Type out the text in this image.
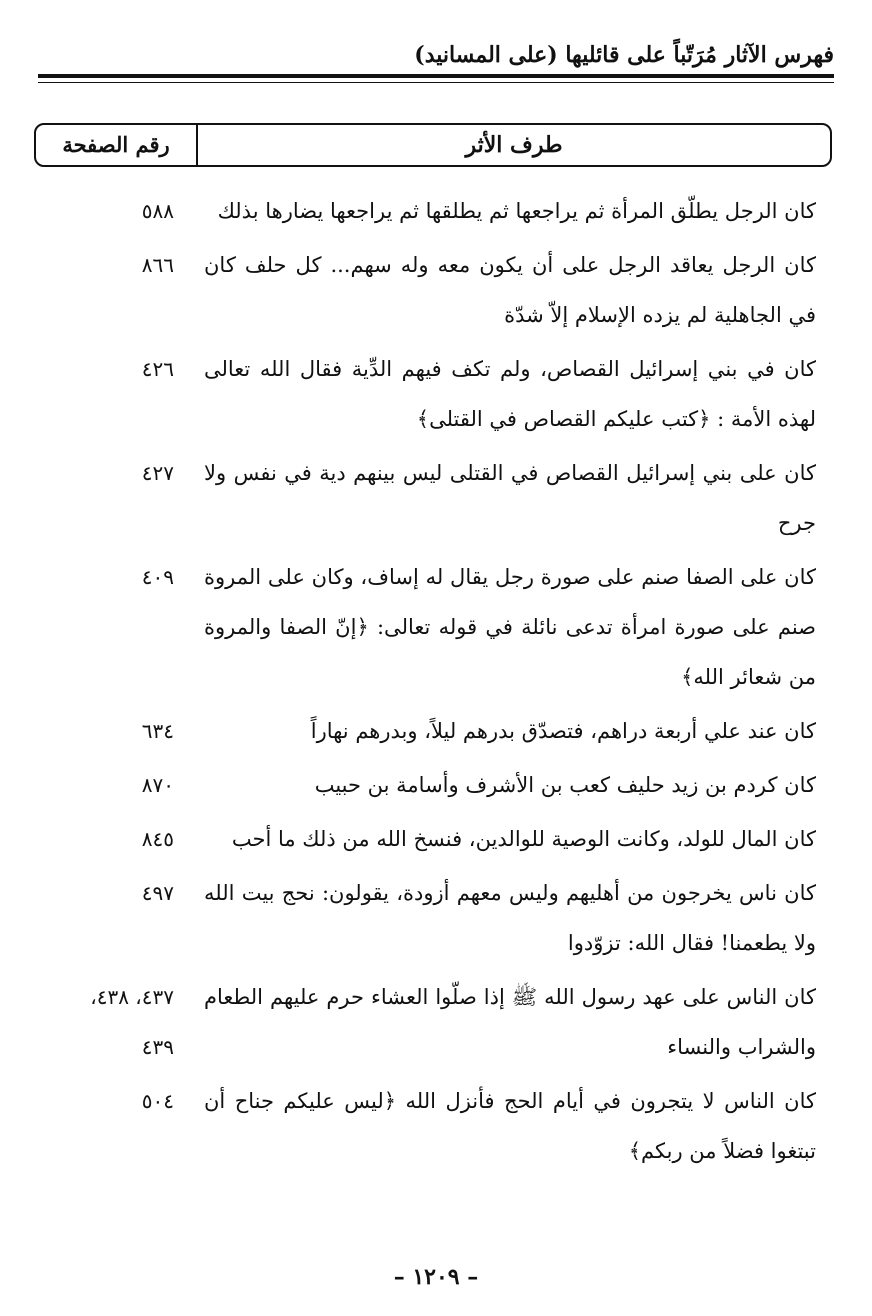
فهرس الآثار مُرَتّباً على قائليها (على المسانيد)
طرف الأثر
رقم الصفحة
كان الرجل يطلّق المرأة ثم يراجعها ثم يطلقها ثم يراجعها يضارها بذلك
٥٨٨
كان الرجل يعاقد الرجل على أن يكون معه وله سهم... كل حلف كان في الجاهلية لم يزده الإسلام إلاّ شدّة
٨٦٦
كان في بني إسرائيل القصاص، ولم تكف فيهم الدِّية فقال الله تعالى لهذه الأمة : ﴿كتب عليكم القصاص في القتلى﴾
٤٢٦
كان على بني إسرائيل القصاص في القتلى ليس بينهم دية في نفس ولا جرح
٤٢٧
كان على الصفا صنم على صورة رجل يقال له إساف، وكان على المروة صنم على صورة امرأة تدعى نائلة في قوله تعالى: ﴿إنّ الصفا والمروة من شعائر الله﴾
٤٠٩
كان عند علي أربعة دراهم، فتصدّق بدرهم ليلاً، وبدرهم نهاراً
٦٣٤
كان كردم بن زيد حليف كعب بن الأشرف وأسامة بن حبيب
٨٧٠
كان المال للولد، وكانت الوصية للوالدين، فنسخ الله من ذلك ما أحب
٨٤٥
كان ناس يخرجون من أهليهم وليس معهم أزودة، يقولون: نحج بيت الله ولا يطعمنا! فقال الله: تزوّدوا
٤٩٧
كان الناس على عهد رسول الله ﷺ إذا صلّوا العشاء حرم عليهم الطعام والشراب والنساء
٤٣٧، ٤٣٨،
٤٣٩
كان الناس لا يتجرون في أيام الحج فأنزل الله ﴿ليس عليكم جناح أن تبتغوا فضلاً من ربكم﴾
٥٠٤
– ١٢٠٩ –
